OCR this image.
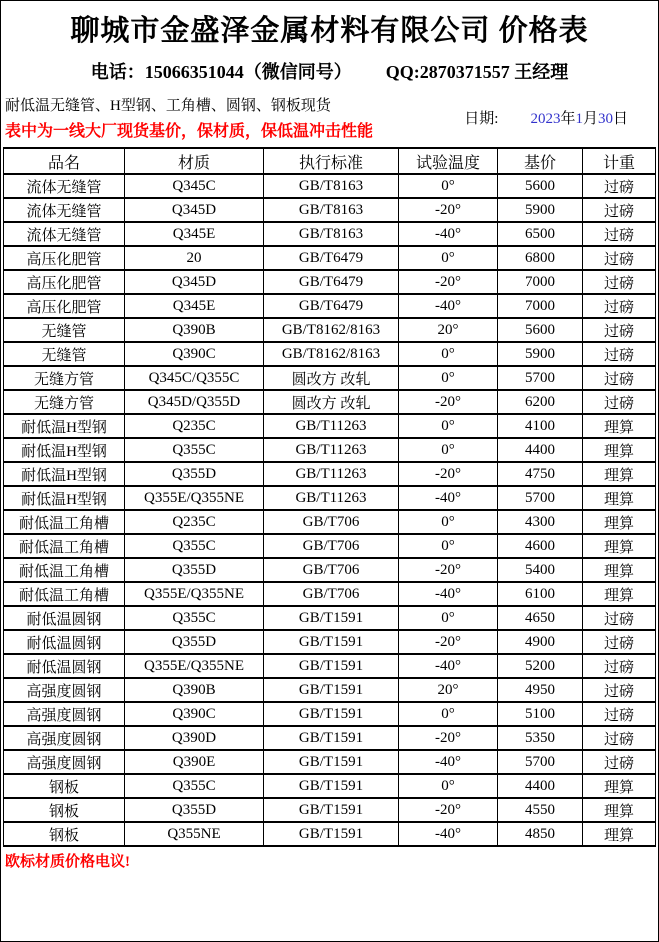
聊城市金盛泽金属材料有限公司 价格表
电话：15066351044（微信同号） QQ:2870371557 王经理
耐低温无缝管、H型钢、工角槽、圆钢、钢板现货
表中为一线大厂现货基价，保材质，保低温冲击性能
日期: 2023年1月30日
品名	材质	执行标准	试验温度	基价	计重
流体无缝管	Q345C	GB/T8163	0°	5600	过磅
流体无缝管	Q345D	GB/T8163	-20°	5900	过磅
流体无缝管	Q345E	GB/T8163	-40°	6500	过磅
高压化肥管	20	GB/T6479	0°	6800	过磅
高压化肥管	Q345D	GB/T6479	-20°	7000	过磅
高压化肥管	Q345E	GB/T6479	-40°	7000	过磅
无缝管	Q390B	GB/T8162/8163	20°	5600	过磅
无缝管	Q390C	GB/T8162/8163	0°	5900	过磅
无缝方管	Q345C/Q355C	圆改方 改轧	0°	5700	过磅
无缝方管	Q345D/Q355D	圆改方 改轧	-20°	6200	过磅
耐低温H型钢	Q235C	GB/T11263	0°	4100	理算
耐低温H型钢	Q355C	GB/T11263	0°	4400	理算
耐低温H型钢	Q355D	GB/T11263	-20°	4750	理算
耐低温H型钢	Q355E/Q355NE	GB/T11263	-40°	5700	理算
耐低温工角槽	Q235C	GB/T706	0°	4300	理算
耐低温工角槽	Q355C	GB/T706	0°	4600	理算
耐低温工角槽	Q355D	GB/T706	-20°	5400	理算
耐低温工角槽	Q355E/Q355NE	GB/T706	-40°	6100	理算
耐低温圆钢	Q355C	GB/T1591	0°	4650	过磅
耐低温圆钢	Q355D	GB/T1591	-20°	4900	过磅
耐低温圆钢	Q355E/Q355NE	GB/T1591	-40°	5200	过磅
高强度圆钢	Q390B	GB/T1591	20°	4950	过磅
高强度圆钢	Q390C	GB/T1591	0°	5100	过磅
高强度圆钢	Q390D	GB/T1591	-20°	5350	过磅
高强度圆钢	Q390E	GB/T1591	-40°	5700	过磅
钢板	Q355C	GB/T1591	0°	4400	理算
钢板	Q355D	GB/T1591	-20°	4550	理算
钢板	Q355NE	GB/T1591	-40°	4850	理算
欧标材质价格电议!
